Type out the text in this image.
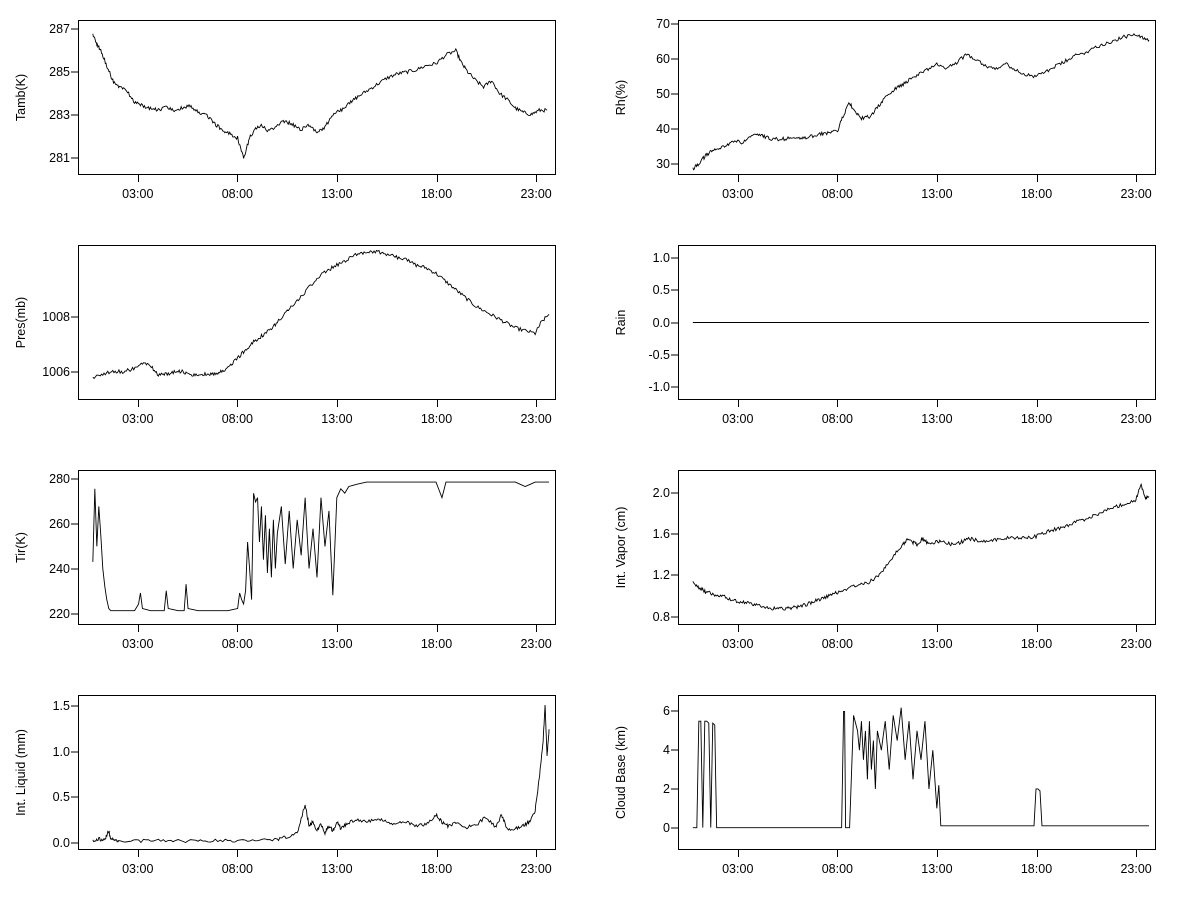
Tamb(K)
281
283
285
287
03:00	08:00	13:00	18:00	23:00
Rh(%)
30
40
50
60
70
03:00	08:00	13:00	18:00	23:00
Pres(mb)
1006
1008
03:00	08:00	13:00	18:00	23:00
Rain
-1.0
-0.5
0.0
0.5
1.0
03:00	08:00	13:00	18:00	23:00
Tir(K)
220
240
260
280
03:00	08:00	13:00	18:00	23:00
Int. Vapor (cm)
0.8
1.2
1.6
2.0
03:00	08:00	13:00	18:00	23:00
Int. Liquid (mm)
0.0
0.5
1.0
1.5
03:00	08:00	13:00	18:00	23:00
Cloud Base (km)
0
2
4
6
03:00	08:00	13:00	18:00	23:00
